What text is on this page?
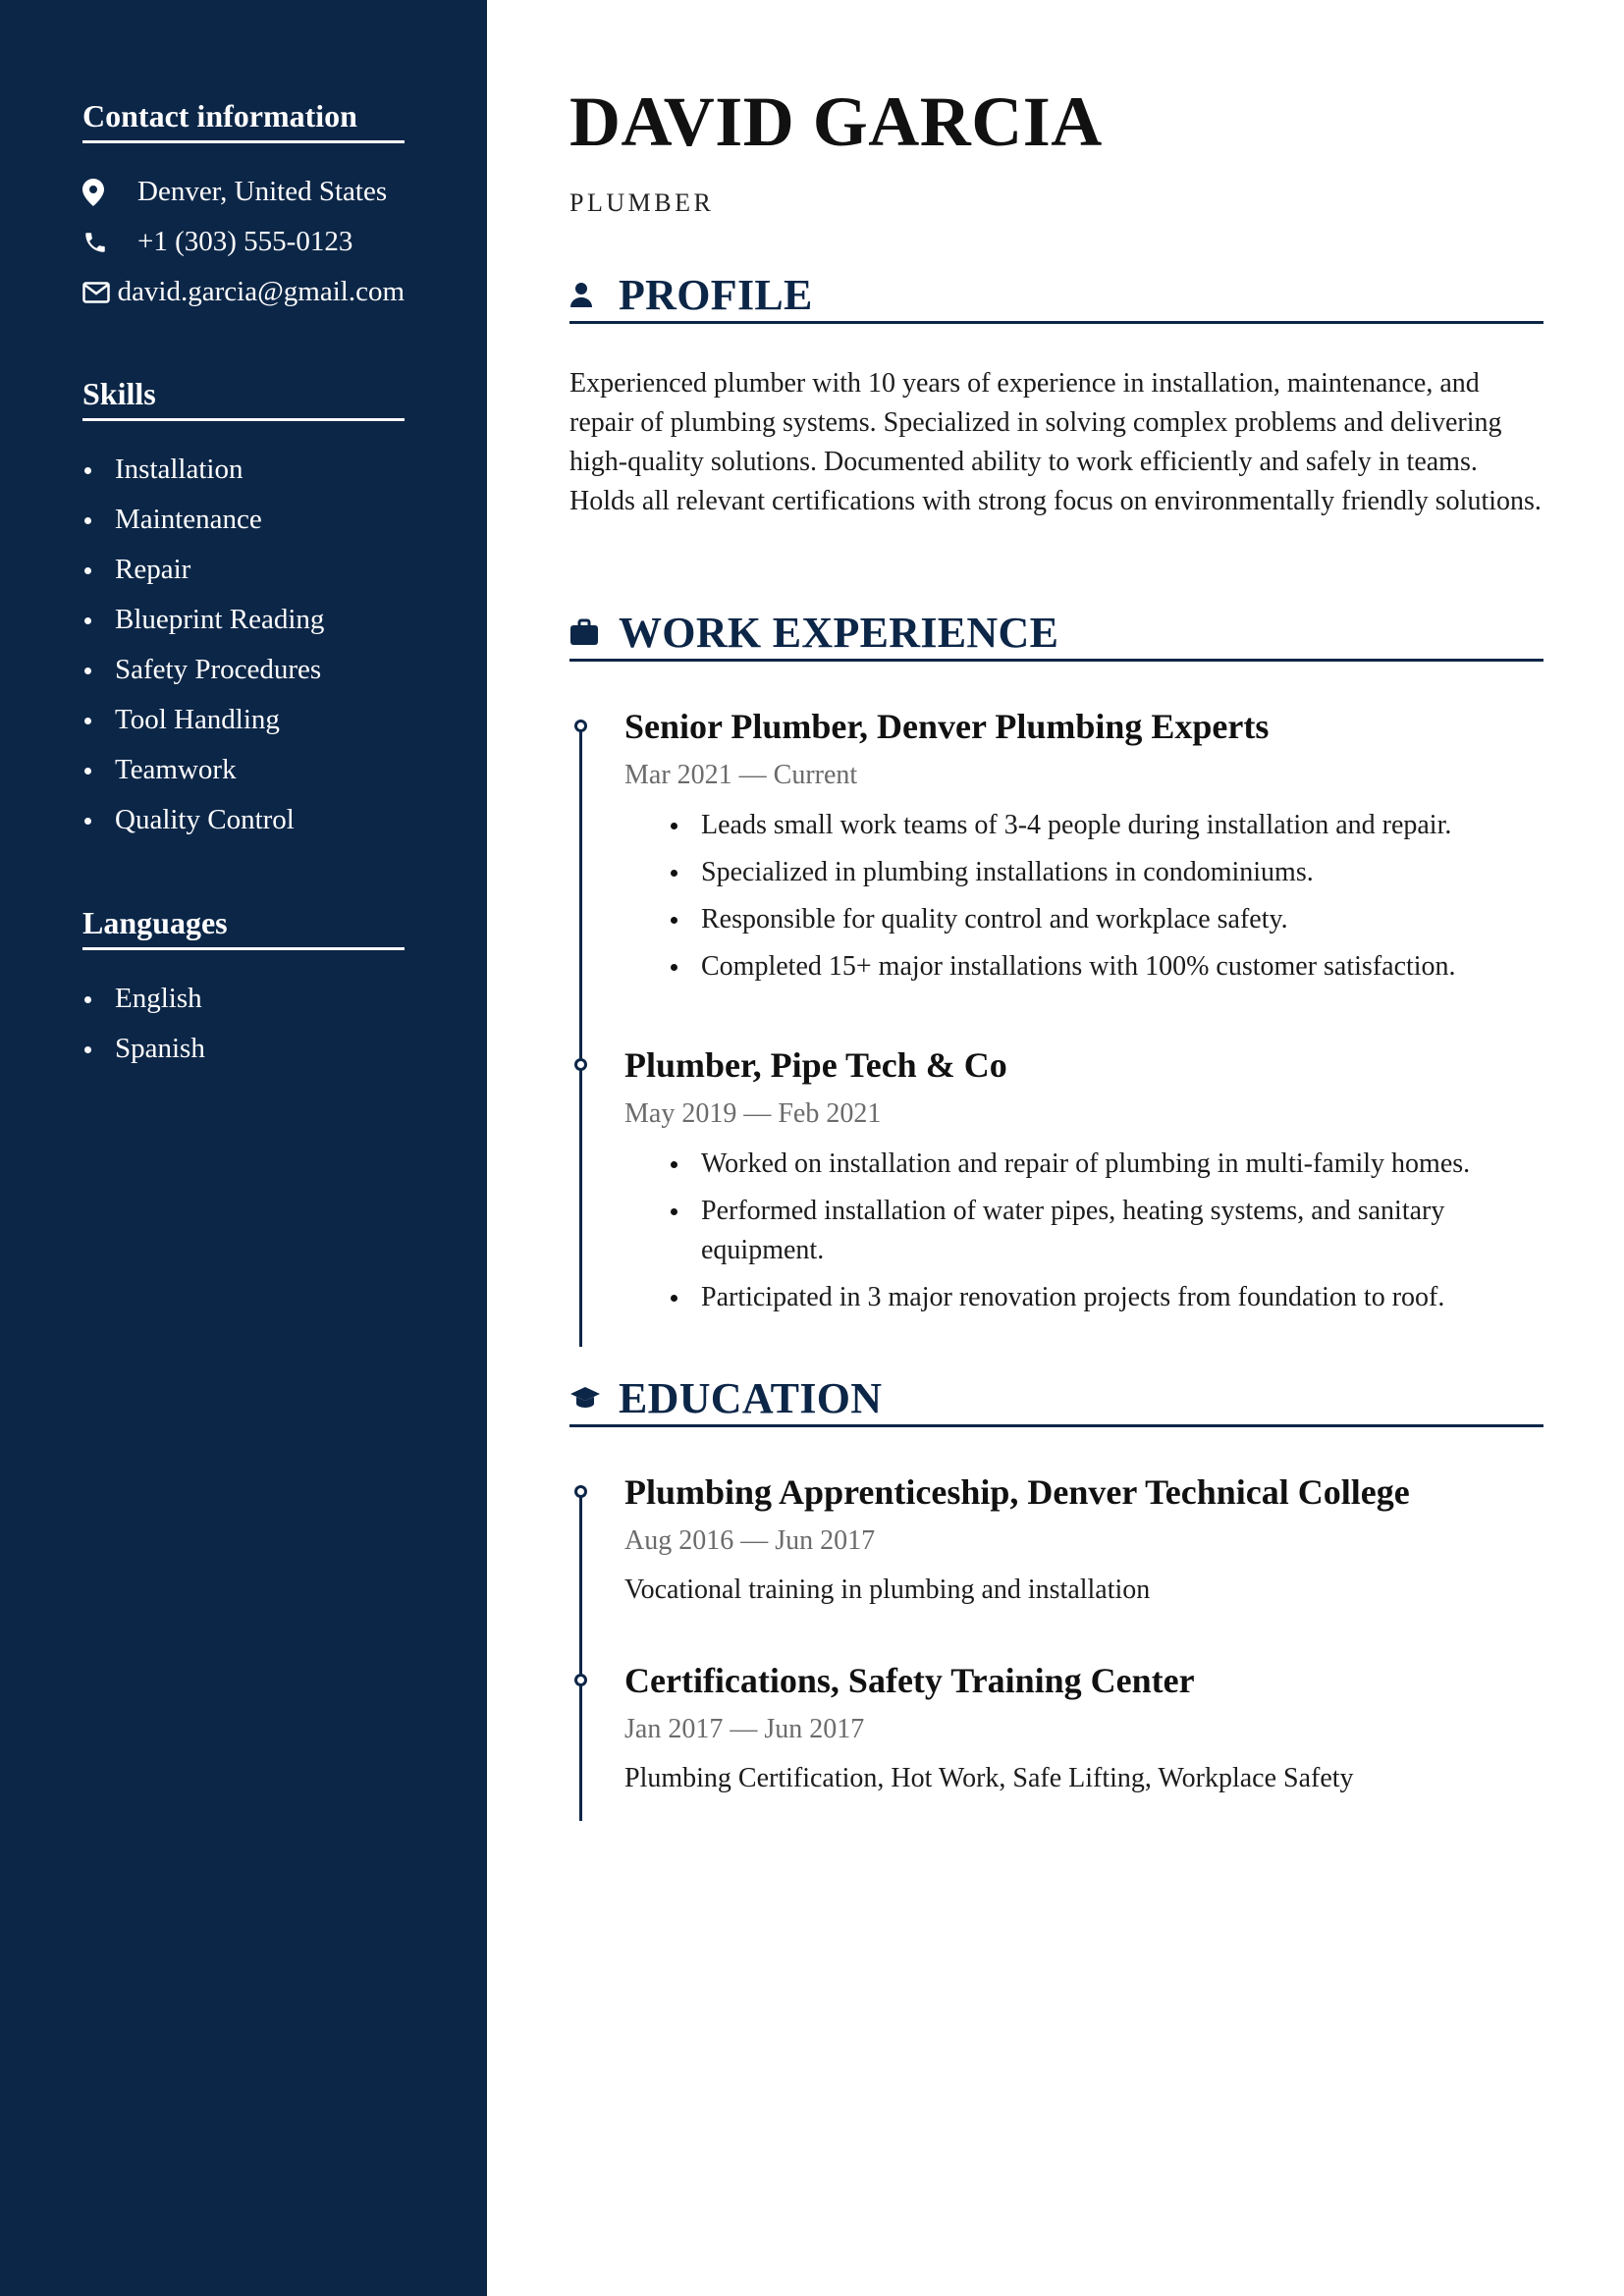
Contact information
Denver, United States
+1 (303) 555-0123
david.garcia@gmail.com
Skills
Installation
Maintenance
Repair
Blueprint Reading
Safety Procedures
Tool Handling
Teamwork
Quality Control
Languages
English
Spanish
DAVID GARCIA
PLUMBER
PROFILE

Experienced plumber with 10 years of experience in installation, maintenance, and repair of plumbing systems. Specialized in solving complex problems and delivering high-quality solutions. Documented ability to work efficiently and safely in teams. Holds all relevant certifications with strong focus on environmentally friendly solutions.

WORK EXPERIENCE
Senior Plumber, Denver Plumbing Experts
Mar 2021 — Current
Leads small work teams of 3-4 people during installation and repair.
Specialized in plumbing installations in condominiums.
Responsible for quality control and workplace safety.
Completed 15+ major installations with 100% customer satisfaction.
Plumber, Pipe Tech & Co
May 2019 — Feb 2021
Worked on installation and repair of plumbing in multi-family homes.
Performed installation of water pipes, heating systems, and sanitary equipment.
Participated in 3 major renovation projects from foundation to roof.
EDUCATION
Plumbing Apprenticeship, Denver Technical College
Aug 2016 — Jun 2017
Vocational training in plumbing and installation
Certifications, Safety Training Center
Jan 2017 — Jun 2017
Plumbing Certification, Hot Work, Safe Lifting, Workplace Safety
